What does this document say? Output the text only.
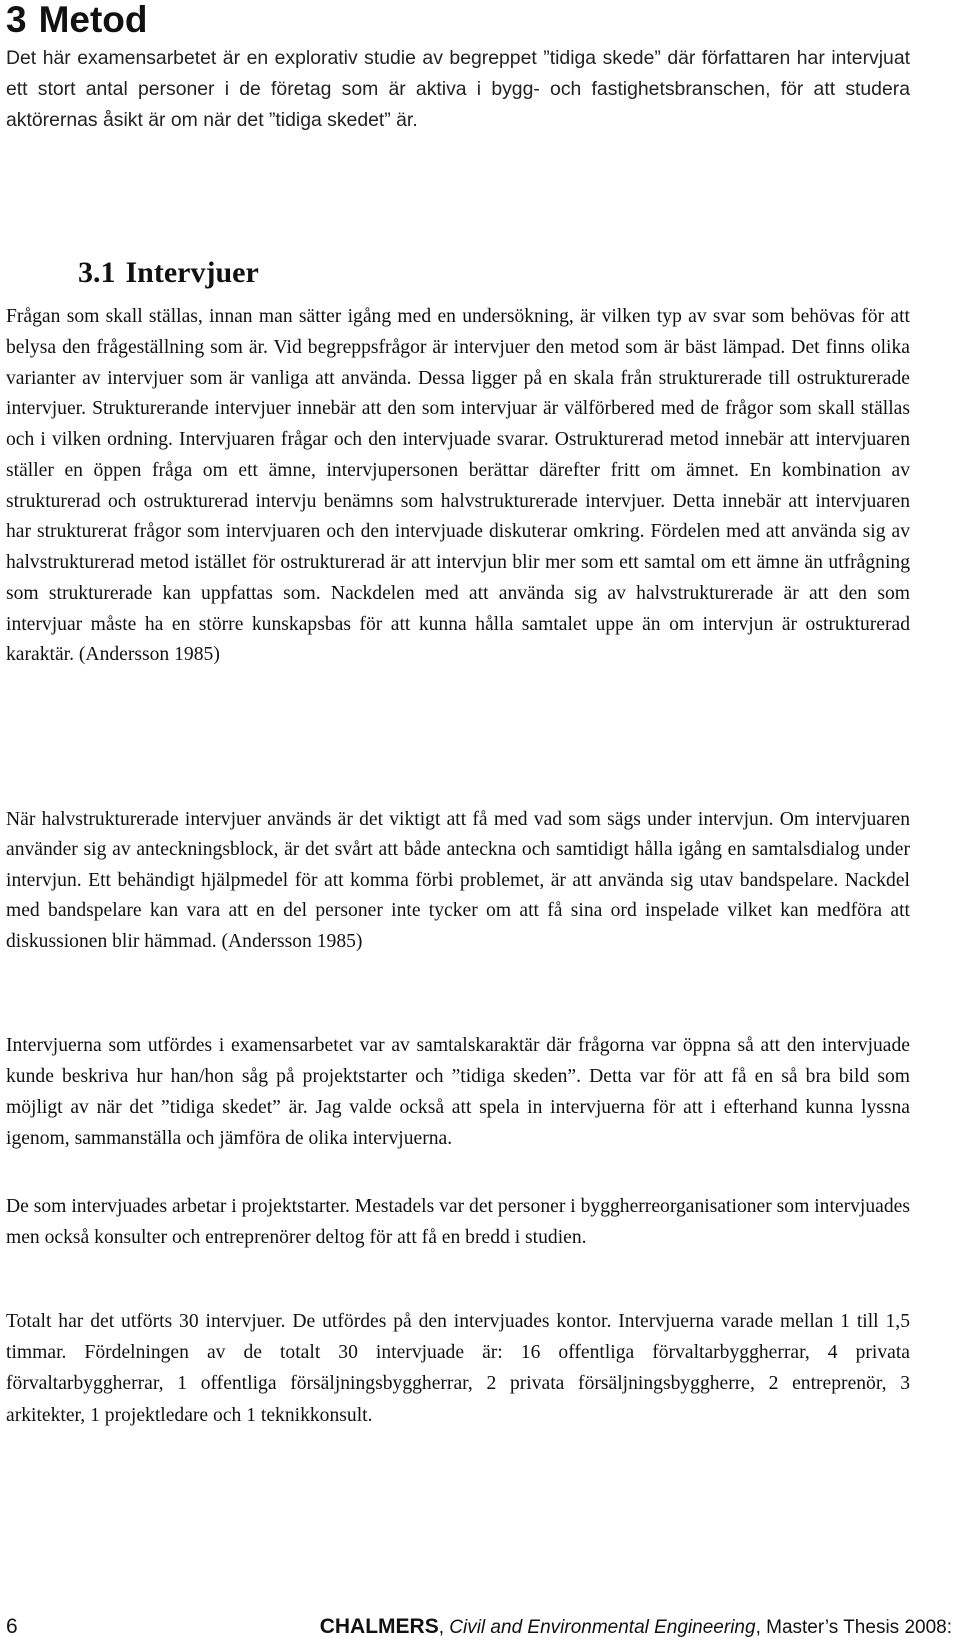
3 Metod

Det här examensarbetet är en explorativ studie av begreppet ”tidiga skede” där författaren har intervjuat ett stort antal personer i de företag som är aktiva i bygg- och fastighetsbranschen, för att studera aktörernas åsikt är om när det ”tidiga skedet” är.

3.1 Intervjuer

Frågan som skall ställas, innan man sätter igång med en undersökning, är vilken typ av svar som behövas för att belysa den frågeställning som är. Vid begreppsfrågor är intervjuer den metod som är bäst lämpad. Det finns olika varianter av intervjuer som är vanliga att använda. Dessa ligger på en skala från strukturerade till ostrukturerade intervjuer. Strukturerande intervjuer innebär att den som intervjuar är välförbered med de frågor som skall ställas och i vilken ordning. Intervjuaren frågar och den intervjuade svarar. Ostrukturerad metod innebär att intervjuaren ställer en öppen fråga om ett ämne, intervjupersonen berättar därefter fritt om ämnet. En kombination av strukturerad och ostrukturerad intervju benämns som halvstrukturerade intervjuer. Detta innebär att intervjuaren har strukturerat frågor som intervjuaren och den intervjuade diskuterar omkring. Fördelen med att använda sig av halvstrukturerad metod istället för ostrukturerad är att intervjun blir mer som ett samtal om ett ämne än utfrågning som strukturerade kan uppfattas som. Nackdelen med att använda sig av halvstrukturerade är att den som intervjuar måste ha en större kunskapsbas för att kunna hålla samtalet uppe än om intervjun är ostrukturerad karaktär. (Andersson 1985)

När halvstrukturerade intervjuer används är det viktigt att få med vad som sägs under intervjun. Om intervjuaren använder sig av anteckningsblock, är det svårt att både anteckna och samtidigt hålla igång en samtalsdialog under intervjun. Ett behändigt hjälpmedel för att komma förbi problemet, är att använda sig utav bandspelare. Nackdel med bandspelare kan vara att en del personer inte tycker om att få sina ord inspelade vilket kan medföra att diskussionen blir hämmad. (Andersson 1985)

Intervjuerna som utfördes i examensarbetet var av samtalskaraktär där frågorna var öppna så att den intervjuade kunde beskriva hur han/hon såg på projektstarter och ”tidiga skeden”. Detta var för att få en så bra bild som möjligt av när det ”tidiga skedet” är. Jag valde också att spela in intervjuerna för att i efterhand kunna lyssna igenom, sammanställa och jämföra de olika intervjuerna.

De som intervjuades arbetar i projektstarter. Mestadels var det personer i byggherreorganisationer som intervjuades men också konsulter och entreprenörer deltog för att få en bredd i studien.

Totalt har det utförts 30 intervjuer. De utfördes på den intervjuades kontor. Intervjuerna varade mellan 1 till 1,5 timmar. Fördelningen av de totalt 30 intervjuade är: 16 offentliga förvaltarbyggherrar, 4 privata förvaltarbyggherrar, 1 offentliga försäljningsbyggherrar, 2 privata försäljningsbyggherre, 2 entreprenör, 3 arkitekter, 1 projektledare och 1 teknikkonsult.

6	CHALMERS, Civil and Environmental Engineering, Master’s Thesis 2008:
